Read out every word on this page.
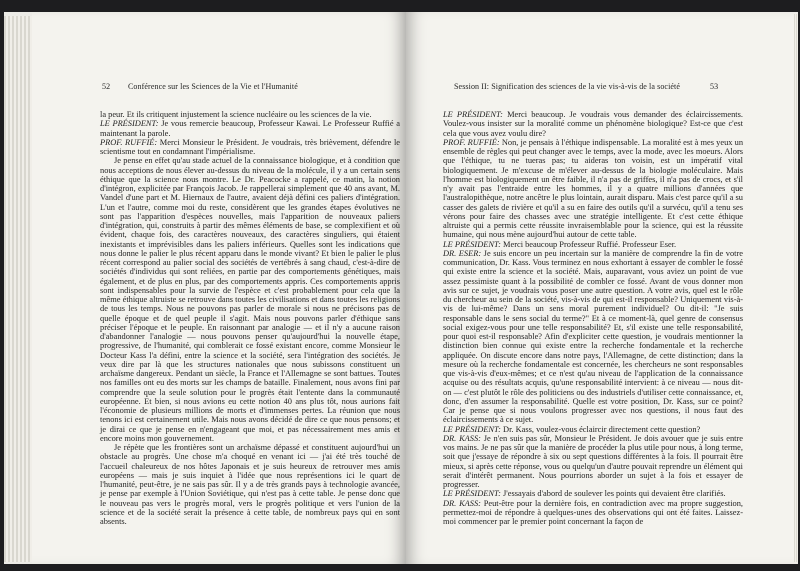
52 Conférence sur les Sciences de la Vie et l'Humanité

la peur. Et ils critiquent injustement la science nucléaire ou les sciences de la vie.

LE PRÉSIDENT: Je vous remercie beaucoup, Professeur Kawai. Le Professeur Ruffié a maintenant la parole.

PROF. RUFFIÉ: Merci Monsieur le Président. Je voudrais, très brièvement, défendre le scientisme tout en condamnant l'impérialisme.

Je pense en effet qu'au stade actuel de la connaissance biologique, et à condition que nous acceptions de nous élever au-dessus du niveau de la molécule, il y a un certain sens éthique que la science nous montre. Le Dr. Peacocke a rappelé, ce matin, la notion d'intégron, explicitée par François Jacob. Je rappellerai simplement que 40 ans avant, M. Vandel d'une part et M. Hiernaux de l'autre, avaient déjà défini ces paliers d'intégration. L'un et l'autre, comme moi du reste, considèrent que les grandes étapes évolutives ne sont pas l'apparition d'espèces nouvelles, mais l'apparition de nouveaux paliers d'intégration, qui, construits à partir des mêmes éléments de base, se complexifient et où évident, chaque fois, des caractères nouveaux, des caractères singuliers, qui étaient inexistants et imprévisibles dans les paliers inférieurs. Quelles sont les indications que nous donne le palier le plus récent apparu dans le monde vivant? Et bien le palier le plus récent correspond au palier social des sociétés de vertébrés à sang chaud, c'est-à-dire de sociétés d'individus qui sont reliées, en partie par des comportements génétiques, mais également, et de plus en plus, par des comportements appris. Ces comportements appris sont indispensables pour la survie de l'espèce et c'est probablement pour cela que la même éthique altruiste se retrouve dans toutes les civilisations et dans toutes les religions de tous les temps. Nous ne pouvons pas parler de morale si nous ne précisons pas de quelle époque et de quel peuple il s'agit. Mais nous pouvons parler d'éthique sans préciser l'époque et le peuple. En raisonnant par analogie — et il n'y a aucune raison d'abandonner l'analogie — nous pouvons penser qu'aujourd'hui la nouvelle étape, progressive, de l'humanité, qui comblerait ce fossé existant encore, comme Monsieur le Docteur Kass l'a défini, entre la science et la société, sera l'intégration des sociétés. Je veux dire par là que les structures nationales que nous subissons constituent un archaïsme dangereux. Pendant un siècle, la France et l'Allemagne se sont battues. Toutes nos familles ont eu des morts sur les champs de bataille. Finalement, nous avons fini par comprendre que la seule solution pour le progrès était l'entente dans la communauté européenne. Et bien, si nous avions eu cette notion 40 ans plus tôt, nous aurions fait l'économie de plusieurs millions de morts et d'immenses pertes. La réunion que nous tenons ici est certainement utile. Mais nous avons décidé de dire ce que nous pensons; et je dirai ce que je pense en n'engageant que moi, et pas nécessairement mes amis et encore moins mon gouvernement.

Je répète que les frontières sont un archaïsme dépassé et constituent aujourd'hui un obstacle au progrès. Une chose m'a choqué en venant ici — j'ai été très touché de l'accueil chaleureux de nos hôtes Japonais et je suis heureux de retrouver mes amis européens — mais je suis inquiet à l'idée que nous représentions ici le quart de l'humanité, peut-être, je ne sais pas sûr. Il y a de très grands pays à technologie avancée, je pense par exemple à l'Union Soviétique, qui n'est pas à cette table. Je pense donc que le nouveau pas vers le progrès moral, vers le progrès politique et vers l'union de la science et de la société serait la présence à cette table, de nombreux pays qui en sont absents.

Session II: Signification des sciences de la vie vis-à-vis de la société	53

LE PRÉSIDENT: Merci beaucoup. Je voudrais vous demander des éclaircissements. Voulez-vous insister sur la moralité comme un phénomène biologique? Est-ce que c'est cela que vous avez voulu dire?

PROF. RUFFIÉ: Non, je pensais à l'éthique indispensable. La moralité est à mes yeux un ensemble de règles qui peut changer avec le temps, avec la mode, avec les moeurs. Alors que l'éthique, tu ne tueras pas; tu aideras ton voisin, est un impératif vital biologiquement. Je m'excuse de m'élever au-dessus de la biologie moléculaire. Mais l'homme est biologiquement un être faible, il n'a pas de griffes, il n'a pas de crocs, et s'il n'y avait pas l'entraide entre les hommes, il y a quatre millions d'années que l'australopithèque, notre ancêtre le plus lointain, aurait disparu. Mais c'est parce qu'il a su casser des galets de rivière et qu'il a su en faire des outils qu'il a survécu, qu'il a tenu ses vérons pour faire des chasses avec une stratégie intelligente. Et c'est cette éthique altruiste qui a permis cette réussite invraisemblable pour la science, qui est la réussite humaine, qui nous mène aujourd'hui autour de cette table.

LE PRÉSIDENT: Merci beaucoup Professeur Ruffié. Professeur Eser.

DR. ESER: Je suis encore un peu incertain sur la manière de comprendre la fin de votre communication, Dr. Kass. Vous terminez en nous exhortant à essayer de combler le fossé qui existe entre la science et la société. Mais, auparavant, vous aviez un point de vue assez pessimiste quant à la possibilité de combler ce fossé. Avant de vous donner mon avis sur ce sujet, je voudrais vous poser une autre question. A votre avis, quel est le rôle du chercheur au sein de la société, vis-à-vis de qui est-il responsable? Uniquement vis-à-vis de lui-même? Dans un sens moral purement individuel? Ou dit-il: "Je suis responsable dans le sens social du terme?" Et à ce moment-là, quel genre de consensus social exigez-vous pour une telle responsabilité? Et, s'il existe une telle responsabilité, pour quoi est-il responsable? Afin d'expliciter cette question, je voudrais mentionner la distinction bien connue qui existe entre la recherche fondamentale et la recherche appliquée. On discute encore dans notre pays, l'Allemagne, de cette distinction; dans la mesure où la recherche fondamentale est concernée, les chercheurs ne sont responsables que vis-à-vis d'eux-mêmes; et ce n'est qu'au niveau de l'application de la connaissance acquise ou des résultats acquis, qu'une responsabilité intervient: à ce niveau — nous dit-on — c'est plutôt le rôle des politiciens ou des industriels d'utiliser cette connaissance, et, donc, d'en assumer la responsabilité. Quelle est votre position, Dr. Kass, sur ce point? Car je pense que si nous voulons progresser avec nos questions, il nous faut des éclaircissements à ce sujet.

LE PRÉSIDENT: Dr. Kass, voulez-vous éclaircir directement cette question?

DR. KASS: Je n'en suis pas sûr, Monsieur le Président. Je dois avouer que je suis entre vos mains. Je ne pas sûr que la manière de procéder la plus utile pour nous, à long terme, soit que j'essaye de répondre à six ou sept questions différentes à la fois. Il pourrait être mieux, si après cette réponse, vous ou quelqu'un d'autre pouvait reprendre un élément qui serait d'intérêt permanent. Nous pourrions aborder un sujet à la fois et essayer de progresser.

LE PRÉSIDENT: J'essayais d'abord de soulever les points qui devaient être clarifiés.

DR. KASS: Peut-être pour la dernière fois, en contradiction avec ma propre suggestion, permettez-moi de répondre à quelques-unes des observations qui ont été faites. Laissez-moi commencer par le premier point concernant la façon de
